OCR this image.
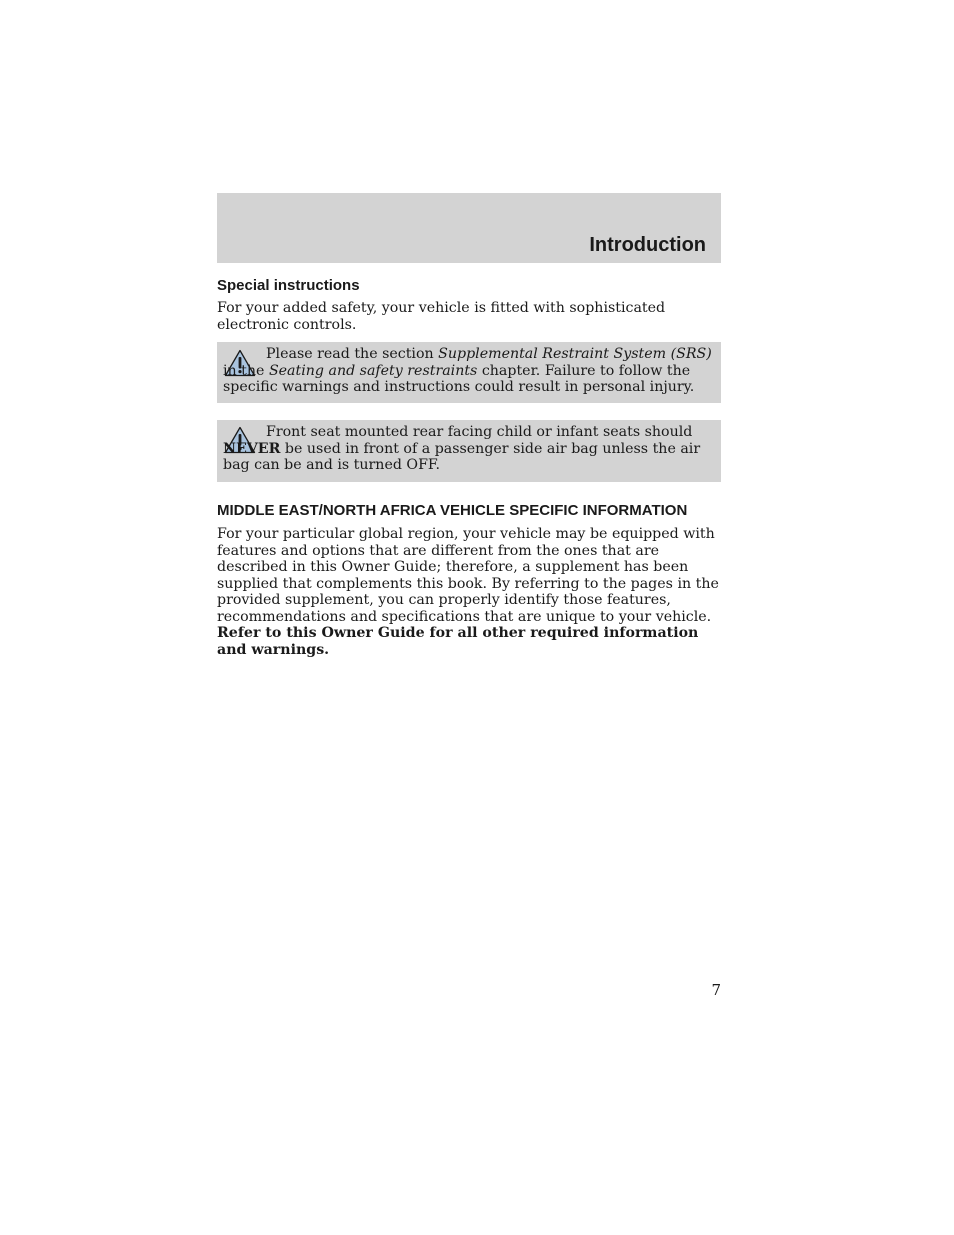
Introduction
Special instructions
For your added safety, your vehicle is fitted with sophisticated electronic controls.
Please read the section Supplemental Restraint System (SRS) in the Seating and safety restraints chapter. Failure to follow the specific warnings and instructions could result in personal injury.
Front seat mounted rear facing child or infant seats should NEVER be used in front of a passenger side air bag unless the air bag can be and is turned OFF.
MIDDLE EAST/NORTH AFRICA VEHICLE SPECIFIC INFORMATION
For your particular global region, your vehicle may be equipped with features and options that are different from the ones that are described in this Owner Guide; therefore, a supplement has been supplied that complements this book. By referring to the pages in the provided supplement, you can properly identify those features, recommendations and specifications that are unique to your vehicle. Refer to this Owner Guide for all other required information and warnings.
7
